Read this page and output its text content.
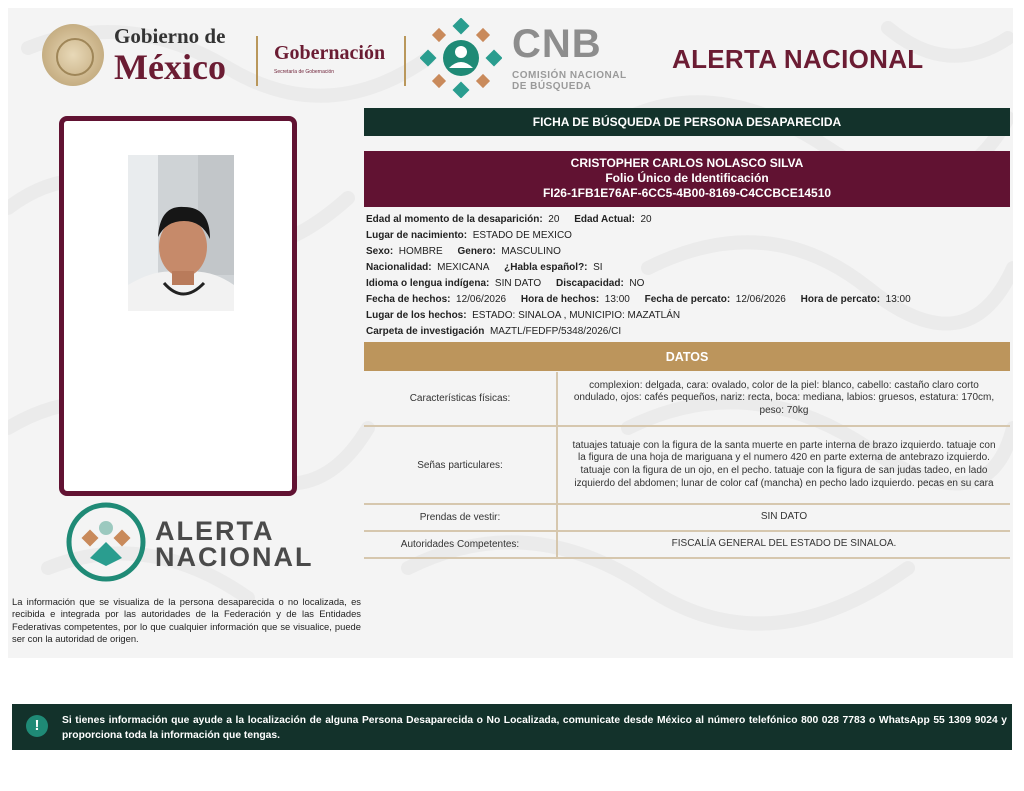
Gobierno de
México Gobernación
Secretaría de Gobernación
CNB
COMISIÓN NACIONAL
DE BÚSQUEDA
ALERTA NACIONAL
ALERTA
NACIONAL
La información que se visualiza de la persona desaparecida o no localizada, es recibida e integrada por las autoridades de la Federación y de las Entidades Federativas competentes, por lo que cualquier información que se visualice, puede ser con la autoridad de origen.
FICHA DE BÚSQUEDA DE PERSONA DESAPARECIDA
CRISTOPHER CARLOS NOLASCO SILVA
Folio Único de Identificación
FI26-1FB1E76AF-6CC5-4B00-8169-C4CCBCE14510
Edad al momento de la desaparición: 20 Edad Actual: 20
Lugar de nacimiento: ESTADO DE MEXICO
Sexo: HOMBRE Genero: MASCULINO
Nacionalidad: MEXICANA ¿Habla español?: SI
Idioma o lengua indígena: SIN DATO Discapacidad: NO
Fecha de hechos: 12/06/2026 Hora de hechos: 13:00 Fecha de percato: 12/06/2026 Hora de percato: 13:00
Lugar de los hechos: ESTADO: SINALOA , MUNICIPIO: MAZATLÁN
Carpeta de investigación MAZTL/FEDFP/5348/2026/CI
DATOS
Características físicas:	complexion: delgada, cara: ovalado, color de la piel: blanco, cabello: castaño claro corto ondulado, ojos: cafés pequeños, nariz: recta, boca: mediana, labios: gruesos, estatura: 170cm, peso: 70kg
Señas particulares:	tatuajes tatuaje con la figura de la santa muerte en parte interna de brazo izquierdo. tatuaje con la figura de una hoja de mariguana y el numero 420 en parte externa de antebrazo izquierdo. tatuaje con la figura de un ojo, en el pecho. tatuaje con la figura de san judas tadeo, en lado izquierdo del abdomen; lunar de color caf (mancha) en pecho lado izquierdo. pecas en su cara
Prendas de vestir:	SIN DATO
Autoridades Competentes:	FISCALÍA GENERAL DEL ESTADO DE SINALOA.
!	Si tienes información que ayude a la localización de alguna Persona Desaparecida o No Localizada, comunicate desde México al número telefónico 800 028 7783 o WhatsApp 55 1309 9024 y proporciona toda la información que tengas.
